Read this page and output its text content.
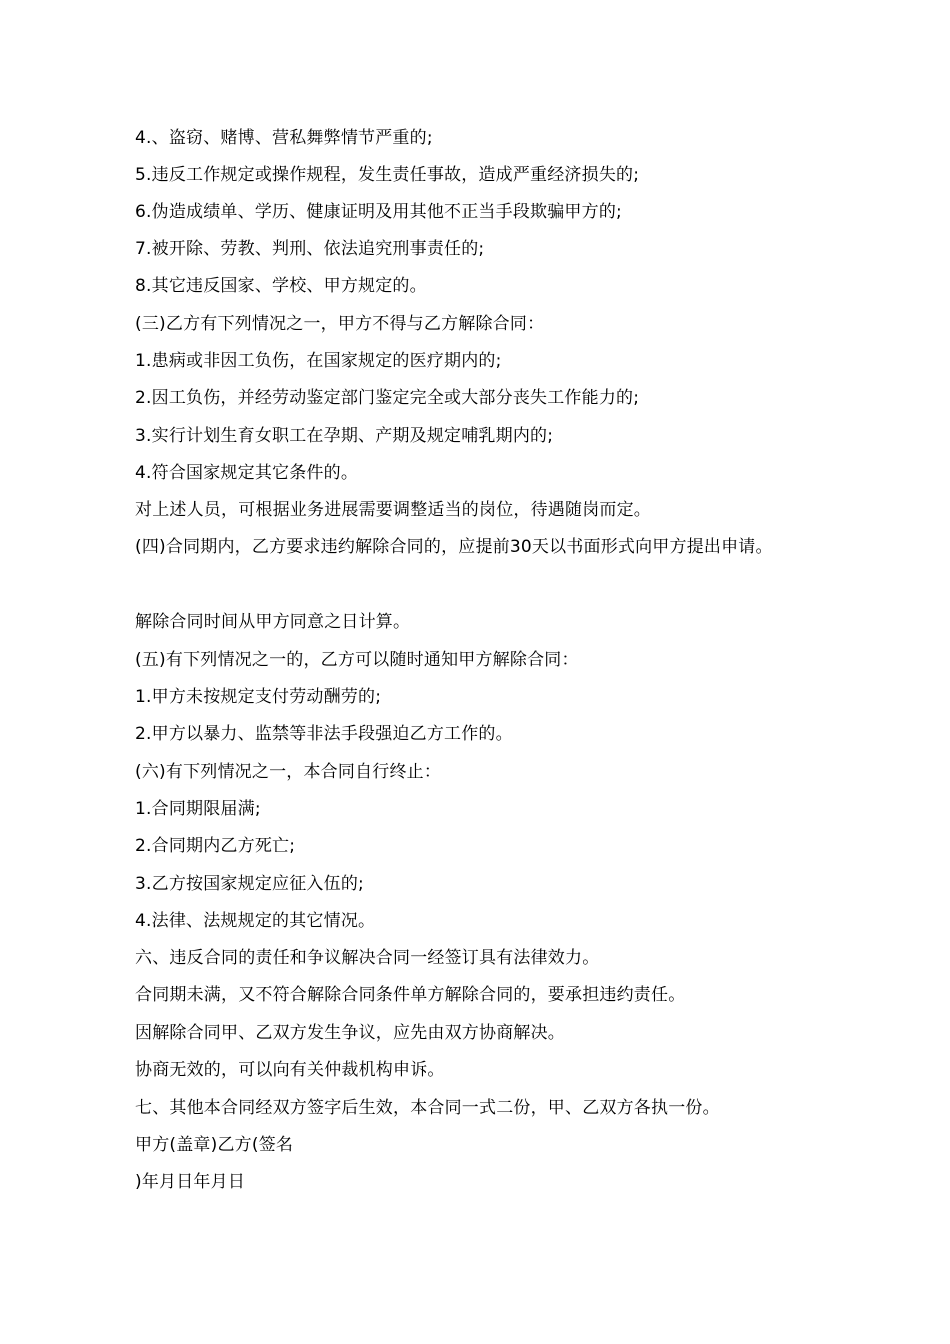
4.、盗窃、赌博、营私舞弊情节严重的;
5.违反工作规定或操作规程，发生责任事故，造成严重经济损失的;
6.伪造成绩单、学历、健康证明及用其他不正当手段欺骗甲方的;
7.被开除、劳教、判刑、依法追究刑事责任的;
8.其它违反国家、学校、甲方规定的。
(三)乙方有下列情况之一，甲方不得与乙方解除合同：
1.患病或非因工负伤，在国家规定的医疗期内的;
2.因工负伤，并经劳动鉴定部门鉴定完全或大部分丧失工作能力的;
3.实行计划生育女职工在孕期、产期及规定哺乳期内的;
4.符合国家规定其它条件的。
对上述人员，可根据业务进展需要调整适当的岗位，待遇随岗而定。
(四)合同期内，乙方要求违约解除合同的，应提前30天以书面形式向甲方提出申请。
解除合同时间从甲方同意之日计算。
(五)有下列情况之一的，乙方可以随时通知甲方解除合同：
1.甲方未按规定支付劳动酬劳的;
2.甲方以暴力、监禁等非法手段强迫乙方工作的。
(六)有下列情况之一，本合同自行终止：
1.合同期限届满;
2.合同期内乙方死亡;
3.乙方按国家规定应征入伍的;
4.法律、法规规定的其它情况。
六、违反合同的责任和争议解决合同一经签订具有法律效力。
合同期未满，又不符合解除合同条件单方解除合同的，要承担违约责任。
因解除合同甲、乙双方发生争议，应先由双方协商解决。
协商无效的，可以向有关仲裁机构申诉。
七、其他本合同经双方签字后生效，本合同一式二份，甲、乙双方各执一份。
甲方(盖章)乙方(签名
)年月日年月日
